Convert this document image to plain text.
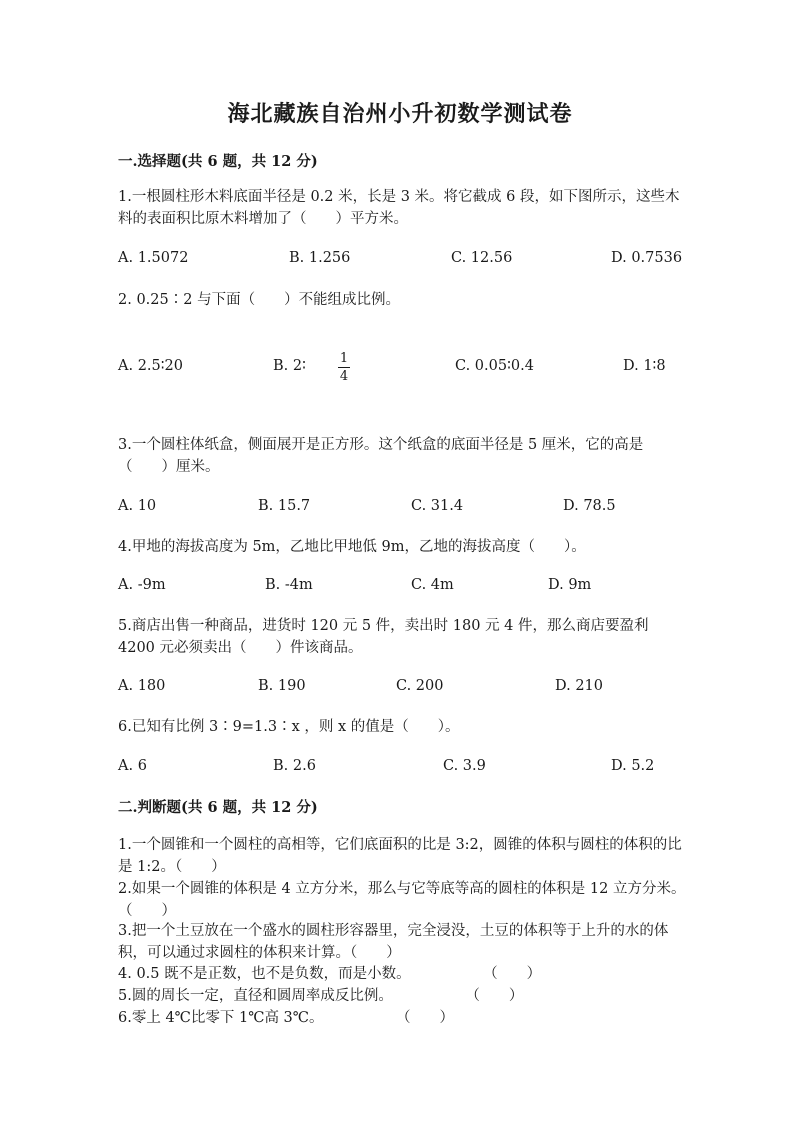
海北藏族自治州小升初数学测试卷
一.选择题(共 6 题，共 12 分)
1.一根圆柱形木料底面半径是 0.2 米，长是 3 米。将它截成 6 段，如下图所示，这些木料的表面积比原木料增加了（　　）平方米。
A. 1.5072	B. 1.256	C. 12.56	D. 0.7536
2. 0.25∶2 与下面（　　）不能组成比例。
A. 2.5∶20	B. 2∶	1
4
C. 0.05∶0.4	D. 1∶8
3.一个圆柱体纸盒，侧面展开是正方形。这个纸盒的底面半径是 5 厘米，它的高是（　　）厘米。
A. 10	B. 15.7	C. 31.4	D. 78.5
4.甲地的海拔高度为 5m，乙地比甲地低 9m，乙地的海拔高度（　　）。
A. -9m	B. -4m	C. 4m	D. 9m
5.商店出售一种商品，进货时 120 元 5 件，卖出时 180 元 4 件，那么商店要盈利 4200 元必须卖出（　　）件该商品。
A. 180	B. 190	C. 200	D. 210
6.已知有比例 3∶9=1.3∶x ，则 x 的值是（　　）。
A. 6	B. 2.6	C. 3.9	D. 5.2
二.判断题(共 6 题，共 12 分)
1.一个圆锥和一个圆柱的高相等，它们底面积的比是 3:2，圆锥的体积与圆柱的体积的比是 1:2。（　　）
2.如果一个圆锥的体积是 4 立方分米，那么与它等底等高的圆柱的体积是 12 立方分米。（　　）
3.把一个土豆放在一个盛水的圆柱形容器里，完全浸没，土豆的体积等于上升的水的体积，可以通过求圆柱的体积来计算。（　　）
4. 0.5 既不是正数，也不是负数，而是小数。　　　　　　（　　）
5.圆的周长一定，直径和圆周率成反比例。　　　　　　（　　）
6.零上 4℃比零下 1℃高 3℃。　　　　　　（　　）
